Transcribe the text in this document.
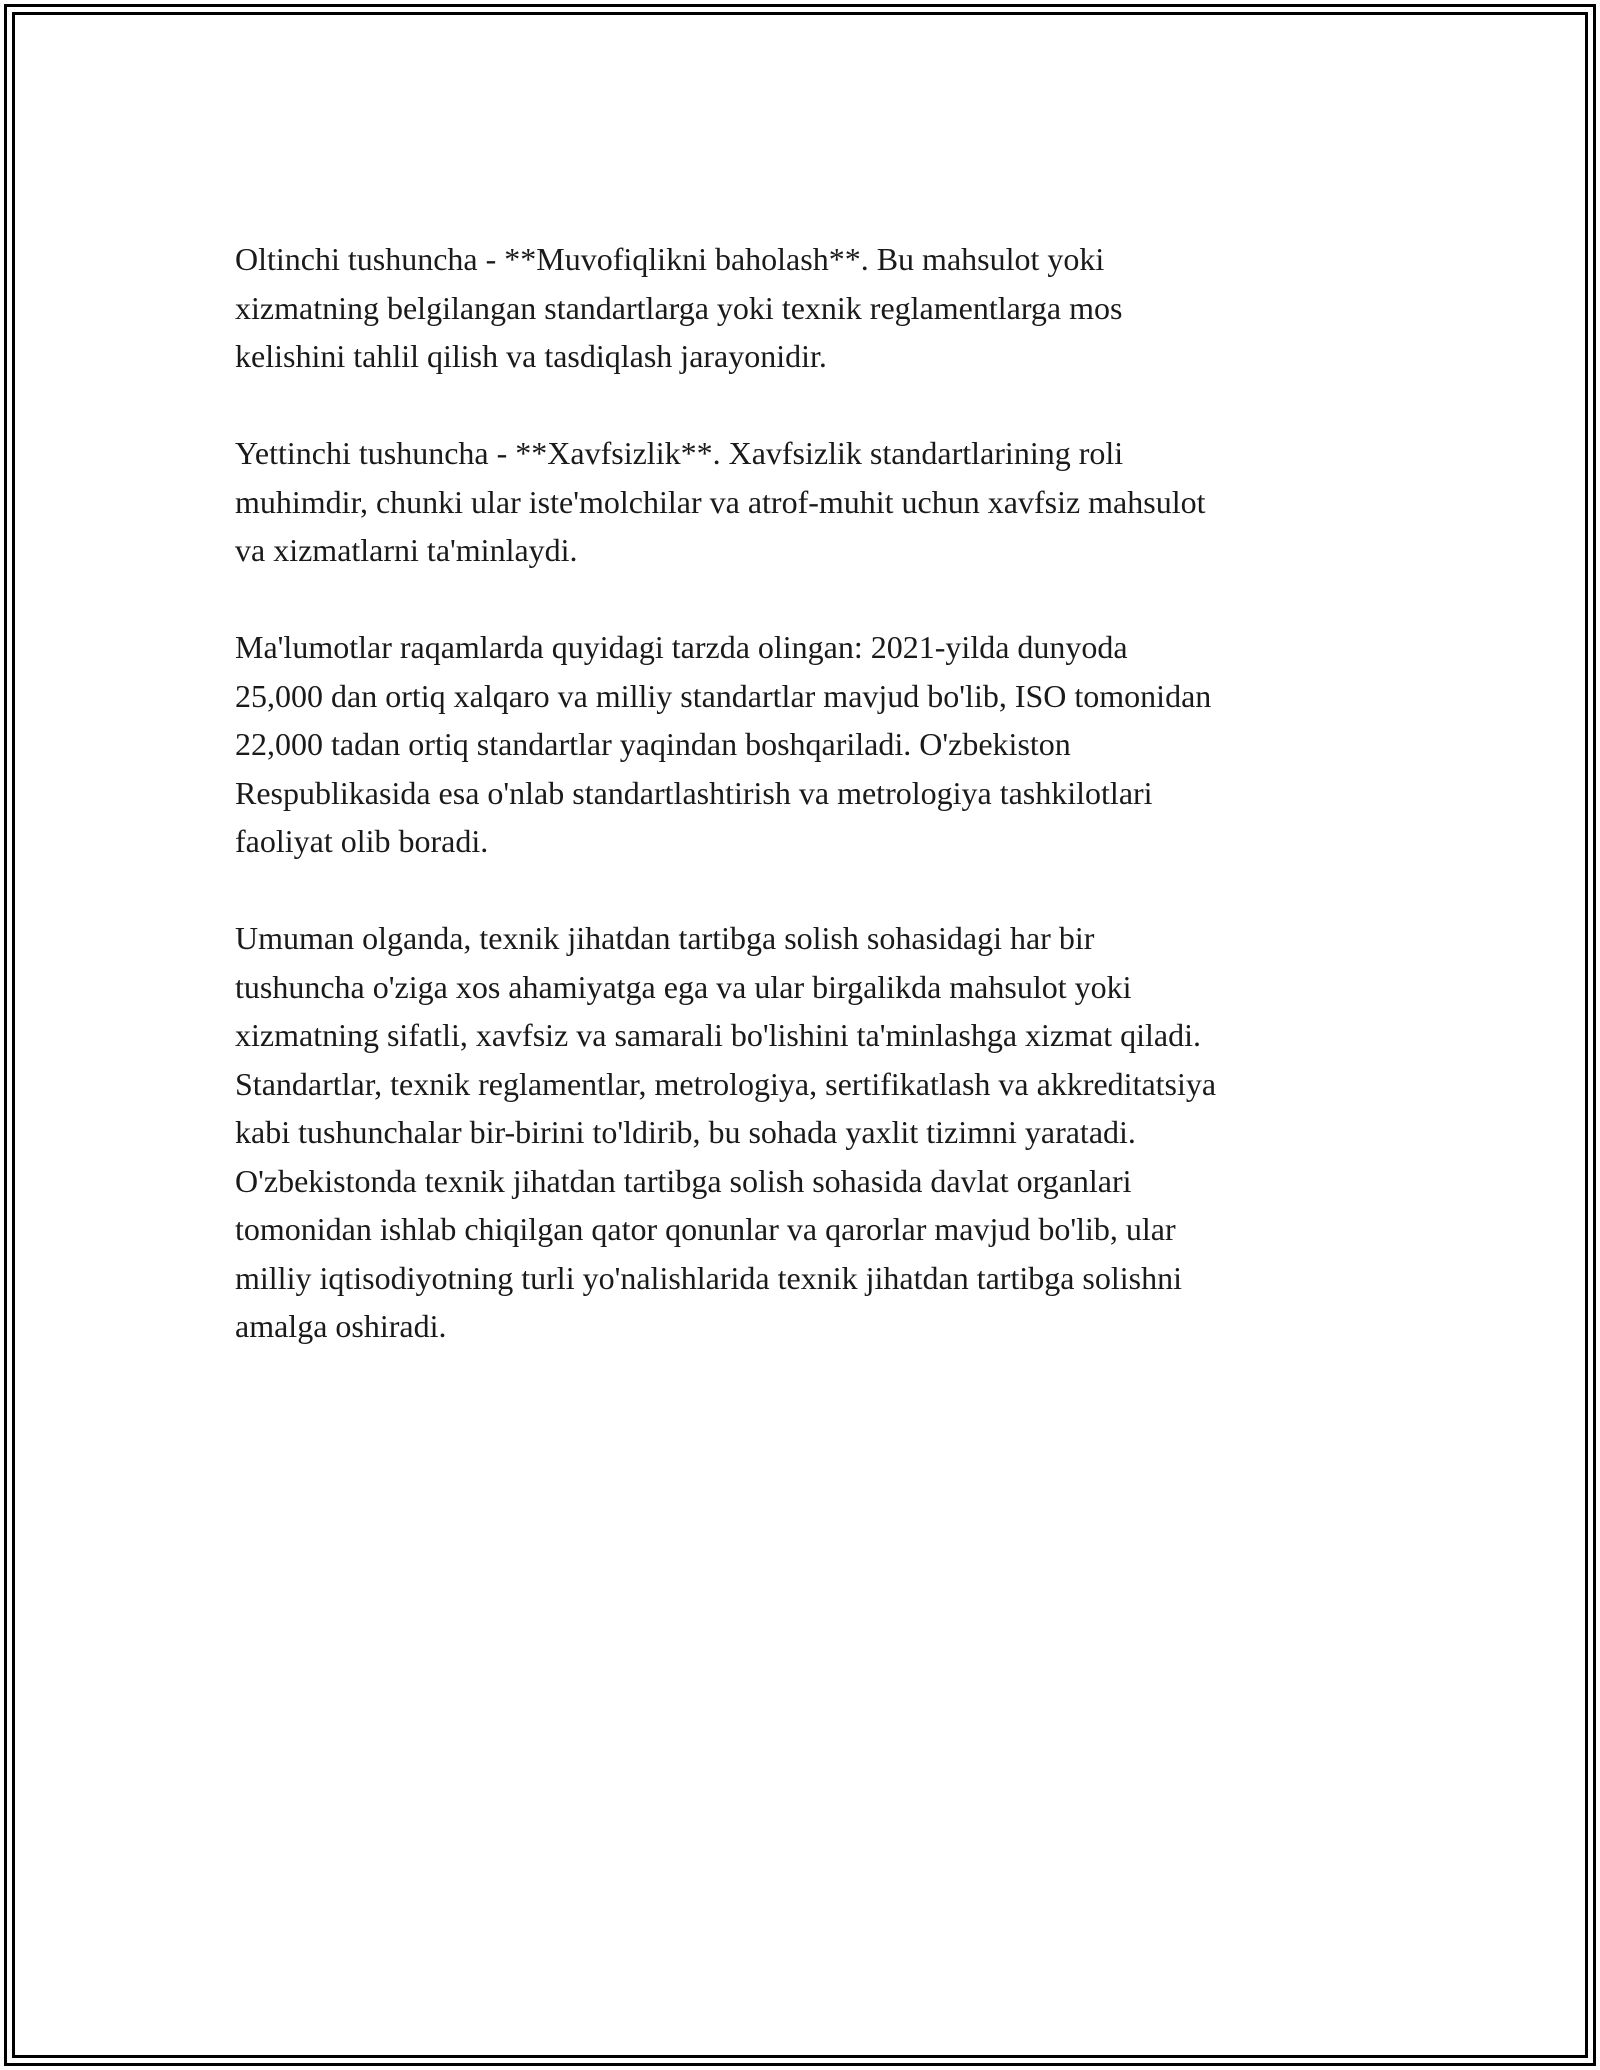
Oltinchi tushuncha - **Muvofiqlikni baholash**. Bu mahsulot yoki
xizmatning belgilangan standartlarga yoki texnik reglamentlarga mos
kelishini tahlil qilish va tasdiqlash jarayonidir.

Yettinchi tushuncha - **Xavfsizlik**. Xavfsizlik standartlarining roli
muhimdir, chunki ular iste'molchilar va atrof-muhit uchun xavfsiz mahsulot
va xizmatlarni ta'minlaydi.

Ma'lumotlar raqamlarda quyidagi tarzda olingan: 2021-yilda dunyoda
25,000 dan ortiq xalqaro va milliy standartlar mavjud bo'lib, ISO tomonidan
22,000 tadan ortiq standartlar yaqindan boshqariladi. O'zbekiston
Respublikasida esa o'nlab standartlashtirish va metrologiya tashkilotlari
faoliyat olib boradi.

Umuman olganda, texnik jihatdan tartibga solish sohasidagi har bir
tushuncha o'ziga xos ahamiyatga ega va ular birgalikda mahsulot yoki
xizmatning sifatli, xavfsiz va samarali bo'lishini ta'minlashga xizmat qiladi.
Standartlar, texnik reglamentlar, metrologiya, sertifikatlash va akkreditatsiya
kabi tushunchalar bir-birini to'ldirib, bu sohada yaxlit tizimni yaratadi.
O'zbekistonda texnik jihatdan tartibga solish sohasida davlat organlari
tomonidan ishlab chiqilgan qator qonunlar va qarorlar mavjud bo'lib, ular
milliy iqtisodiyotning turli yo'nalishlarida texnik jihatdan tartibga solishni
amalga oshiradi.
